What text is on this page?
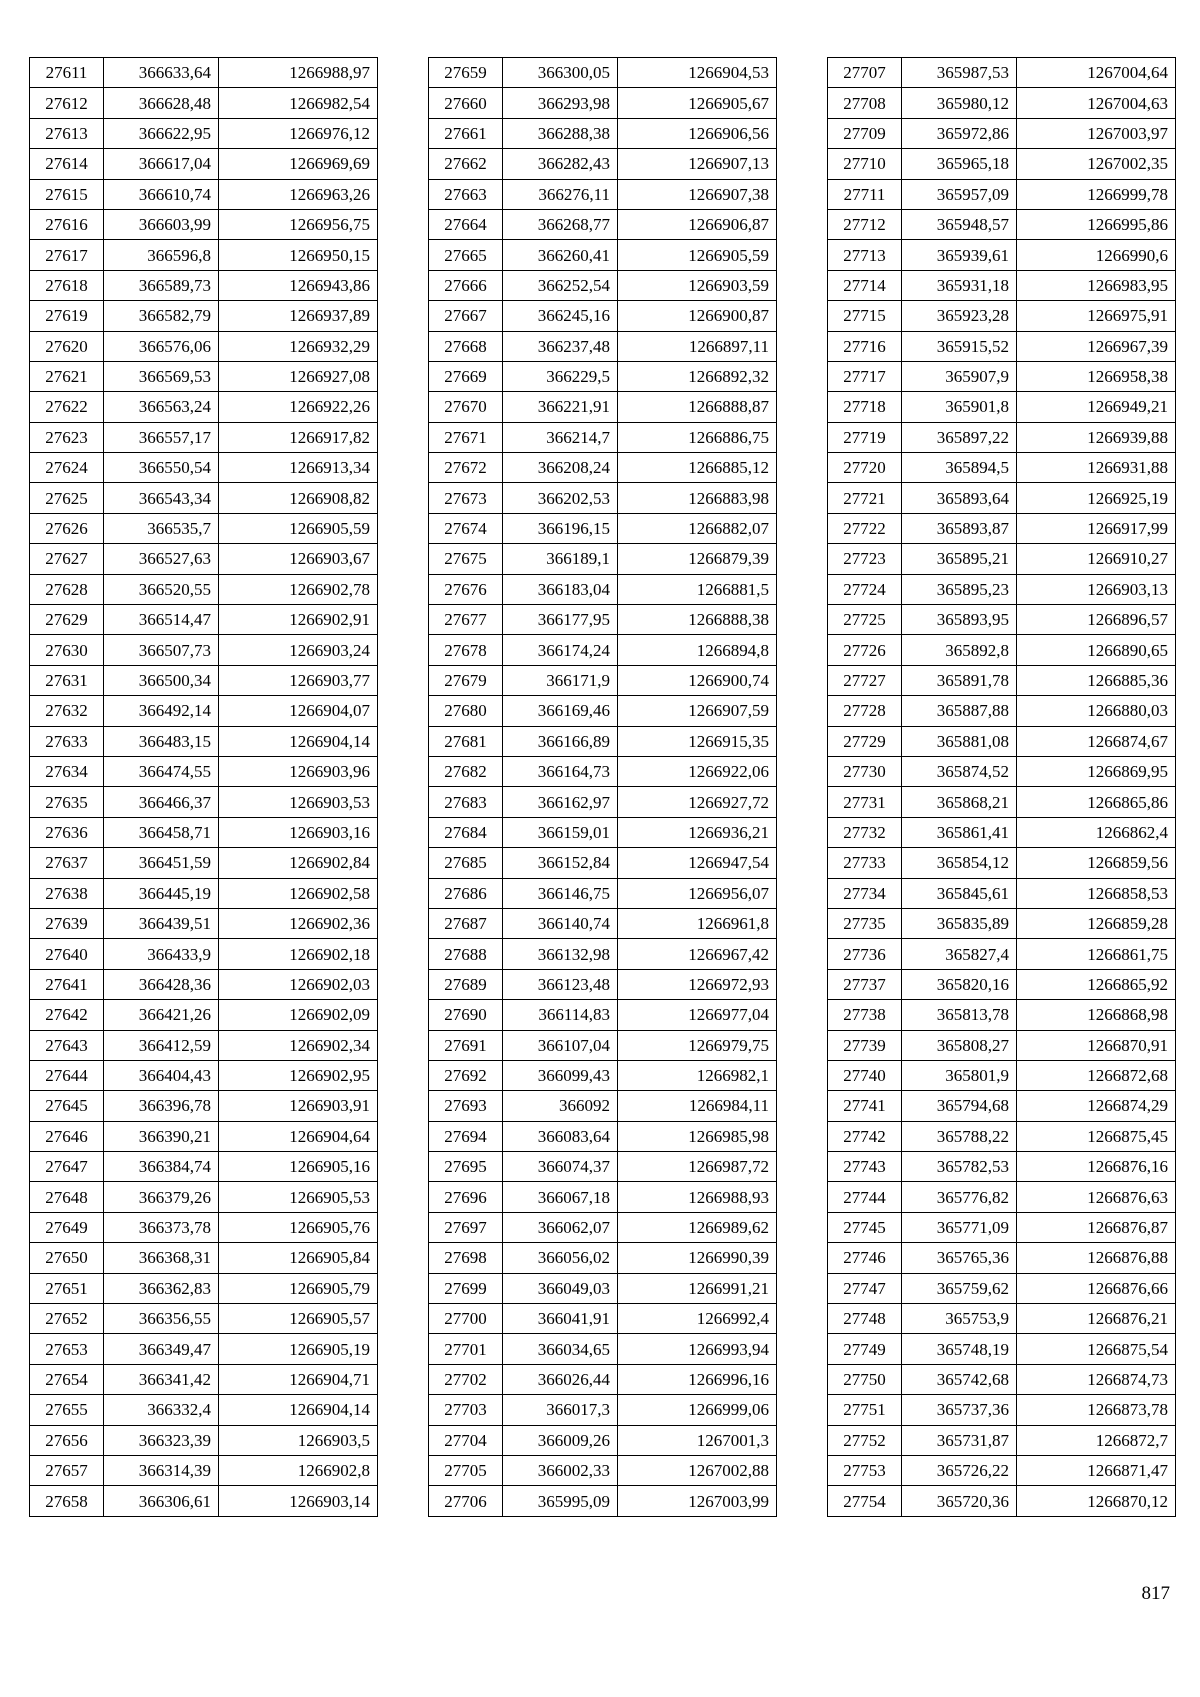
27611	366633,64	1266988,97
27612	366628,48	1266982,54
27613	366622,95	1266976,12
27614	366617,04	1266969,69
27615	366610,74	1266963,26
27616	366603,99	1266956,75
27617	366596,8	1266950,15
27618	366589,73	1266943,86
27619	366582,79	1266937,89
27620	366576,06	1266932,29
27621	366569,53	1266927,08
27622	366563,24	1266922,26
27623	366557,17	1266917,82
27624	366550,54	1266913,34
27625	366543,34	1266908,82
27626	366535,7	1266905,59
27627	366527,63	1266903,67
27628	366520,55	1266902,78
27629	366514,47	1266902,91
27630	366507,73	1266903,24
27631	366500,34	1266903,77
27632	366492,14	1266904,07
27633	366483,15	1266904,14
27634	366474,55	1266903,96
27635	366466,37	1266903,53
27636	366458,71	1266903,16
27637	366451,59	1266902,84
27638	366445,19	1266902,58
27639	366439,51	1266902,36
27640	366433,9	1266902,18
27641	366428,36	1266902,03
27642	366421,26	1266902,09
27643	366412,59	1266902,34
27644	366404,43	1266902,95
27645	366396,78	1266903,91
27646	366390,21	1266904,64
27647	366384,74	1266905,16
27648	366379,26	1266905,53
27649	366373,78	1266905,76
27650	366368,31	1266905,84
27651	366362,83	1266905,79
27652	366356,55	1266905,57
27653	366349,47	1266905,19
27654	366341,42	1266904,71
27655	366332,4	1266904,14
27656	366323,39	1266903,5
27657	366314,39	1266902,8
27658	366306,61	1266903,14
27659	366300,05	1266904,53
27660	366293,98	1266905,67
27661	366288,38	1266906,56
27662	366282,43	1266907,13
27663	366276,11	1266907,38
27664	366268,77	1266906,87
27665	366260,41	1266905,59
27666	366252,54	1266903,59
27667	366245,16	1266900,87
27668	366237,48	1266897,11
27669	366229,5	1266892,32
27670	366221,91	1266888,87
27671	366214,7	1266886,75
27672	366208,24	1266885,12
27673	366202,53	1266883,98
27674	366196,15	1266882,07
27675	366189,1	1266879,39
27676	366183,04	1266881,5
27677	366177,95	1266888,38
27678	366174,24	1266894,8
27679	366171,9	1266900,74
27680	366169,46	1266907,59
27681	366166,89	1266915,35
27682	366164,73	1266922,06
27683	366162,97	1266927,72
27684	366159,01	1266936,21
27685	366152,84	1266947,54
27686	366146,75	1266956,07
27687	366140,74	1266961,8
27688	366132,98	1266967,42
27689	366123,48	1266972,93
27690	366114,83	1266977,04
27691	366107,04	1266979,75
27692	366099,43	1266982,1
27693	366092	1266984,11
27694	366083,64	1266985,98
27695	366074,37	1266987,72
27696	366067,18	1266988,93
27697	366062,07	1266989,62
27698	366056,02	1266990,39
27699	366049,03	1266991,21
27700	366041,91	1266992,4
27701	366034,65	1266993,94
27702	366026,44	1266996,16
27703	366017,3	1266999,06
27704	366009,26	1267001,3
27705	366002,33	1267002,88
27706	365995,09	1267003,99
27707	365987,53	1267004,64
27708	365980,12	1267004,63
27709	365972,86	1267003,97
27710	365965,18	1267002,35
27711	365957,09	1266999,78
27712	365948,57	1266995,86
27713	365939,61	1266990,6
27714	365931,18	1266983,95
27715	365923,28	1266975,91
27716	365915,52	1266967,39
27717	365907,9	1266958,38
27718	365901,8	1266949,21
27719	365897,22	1266939,88
27720	365894,5	1266931,88
27721	365893,64	1266925,19
27722	365893,87	1266917,99
27723	365895,21	1266910,27
27724	365895,23	1266903,13
27725	365893,95	1266896,57
27726	365892,8	1266890,65
27727	365891,78	1266885,36
27728	365887,88	1266880,03
27729	365881,08	1266874,67
27730	365874,52	1266869,95
27731	365868,21	1266865,86
27732	365861,41	1266862,4
27733	365854,12	1266859,56
27734	365845,61	1266858,53
27735	365835,89	1266859,28
27736	365827,4	1266861,75
27737	365820,16	1266865,92
27738	365813,78	1266868,98
27739	365808,27	1266870,91
27740	365801,9	1266872,68
27741	365794,68	1266874,29
27742	365788,22	1266875,45
27743	365782,53	1266876,16
27744	365776,82	1266876,63
27745	365771,09	1266876,87
27746	365765,36	1266876,88
27747	365759,62	1266876,66
27748	365753,9	1266876,21
27749	365748,19	1266875,54
27750	365742,68	1266874,73
27751	365737,36	1266873,78
27752	365731,87	1266872,7
27753	365726,22	1266871,47
27754	365720,36	1266870,12
817
